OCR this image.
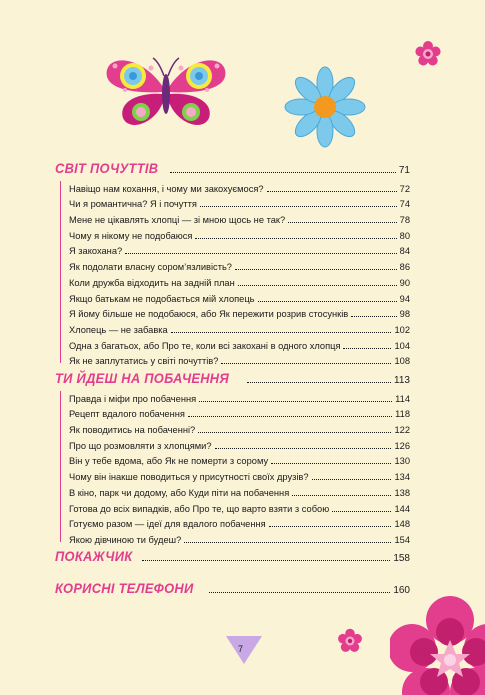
СВІТ ПОЧУТТІВ	71
Навіщо нам кохання, і чому ми закохуємося?	72
Чи я романтична? Я і почуття	74
Мене не цікавлять хлопці — зі мною щось не так?	78
Чому я нікому не подобаюся	80
Я закохана?	84
Як подолати власну сором’язливість?	86
Коли дружба відходить на задній план	90
Якщо батькам не подобається мій хлопець	94
Я йому більше не подобаюся, або Як пережити розрив стосунків	98
Хлопець — не забавка	102
Одна з багатьох, або Про те, коли всі закохані в одного хлопця	104
Як не заплутатись у світі почуттів?	108
ТИ ЙДЕШ НА ПОБАЧЕННЯ	113
Правда і міфи про побачення	114
Рецепт вдалого побачення	118
Як поводитись на побаченні?	122
Про що розмовляти з хлопцями?	126
Він у тебе вдома, або Як не померти з сорому	130
Чому він інакше поводиться у присутності своїх друзів?	134
В кіно, парк чи додому, або Куди піти на побачення	138
Готова до всіх випадків, або Про те, що варто взяти з собою	144
Готуємо разом — ідеї для вдалого побачення	148
Якою дівчиною ти будеш?	154
ПОКАЖЧИК	158
КОРИСНІ ТЕЛЕФОНИ	160
7
